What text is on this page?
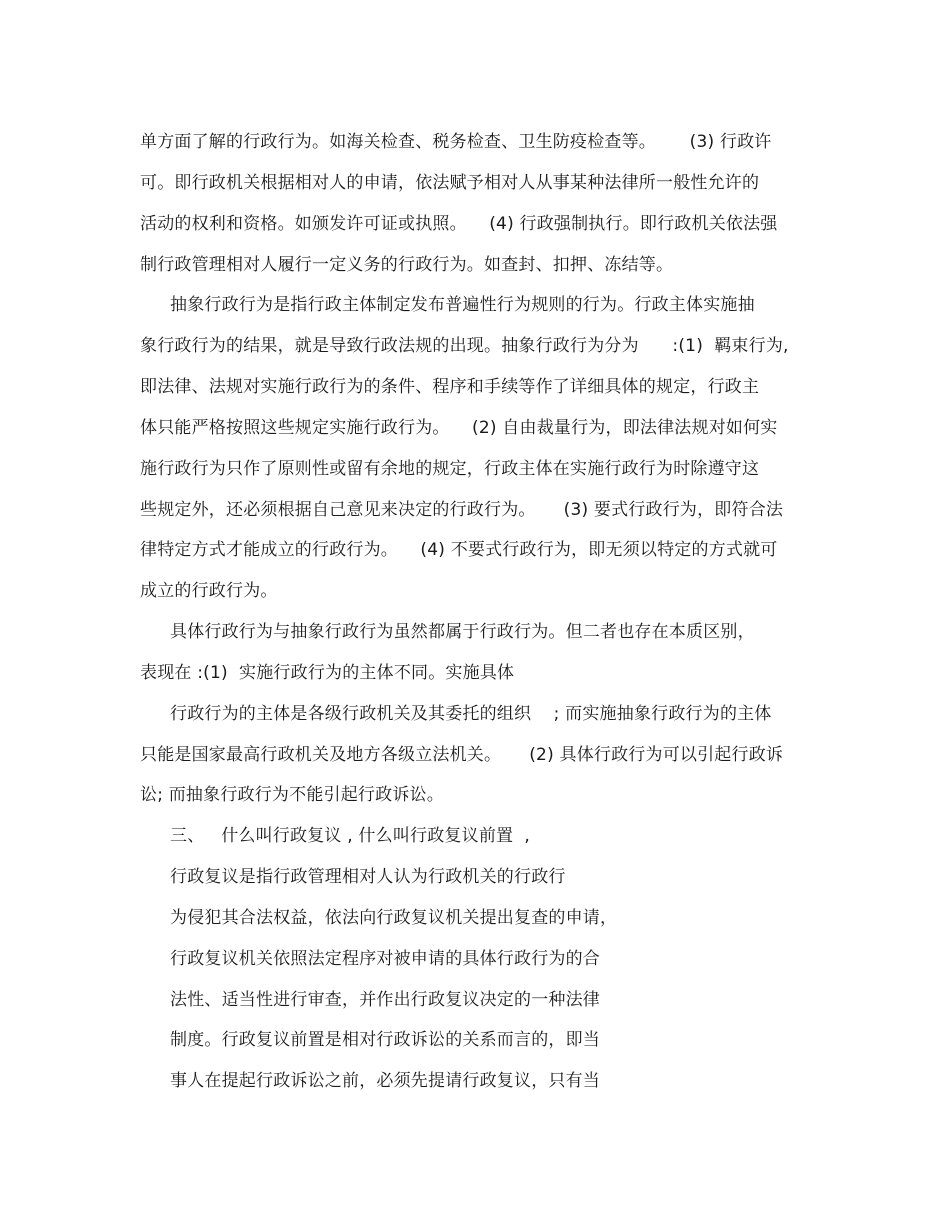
单方面了解的行政行为。如海关检查、税务检查、卫生防疫检查等。      (3) 行政许
可。即行政机关根据相对人的申请，依法赋予相对人从事某种法律所一般性允许的
活动的权利和资格。如颁发许可证或执照。    (4) 行政强制执行。即行政机关依法强
制行政管理相对人履行一定义务的行政行为。如查封、扣押、冻结等。
抽象行政行为是指行政主体制定发布普遍性行为规则的行为。行政主体实施抽
象行政行为的结果，就是导致行政法规的出现。抽象行政行为分为      :(1)  羁束行为,
即法律、法规对实施行政行为的条件、程序和手续等作了详细具体的规定，行政主
体只能严格按照这些规定实施行政行为。    (2) 自由裁量行为，即法律法规对如何实
施行政行为只作了原则性或留有余地的规定，行政主体在实施行政行为时除遵守这
些规定外，还必须根据自己意见来决定的行政行为。     (3) 要式行政行为，即符合法
律特定方式才能成立的行政行为。    (4) 不要式行政行为，即无须以特定的方式就可
成立的行政行为。
具体行政行为与抽象行政行为虽然都属于行政行为。但二者也存在本质区别，
表现在 :(1)  实施行政行为的主体不同。实施具体
行政行为的主体是各级行政机关及其委托的组织    ; 而实施抽象行政行为的主体
只能是国家最高行政机关及地方各级立法机关。     (2) 具体行政行为可以引起行政诉
讼; 而抽象行政行为不能引起行政诉讼。
三、   什么叫行政复议 , 什么叫行政复议前置  ,
行政复议是指行政管理相对人认为行政机关的行政行
为侵犯其合法权益，依法向行政复议机关提出复查的申请，
行政复议机关依照法定程序对被申请的具体行政行为的合
法性、适当性进行审查，并作出行政复议决定的一种法律
制度。行政复议前置是相对行政诉讼的关系而言的，即当
事人在提起行政诉讼之前，必须先提请行政复议，只有当
